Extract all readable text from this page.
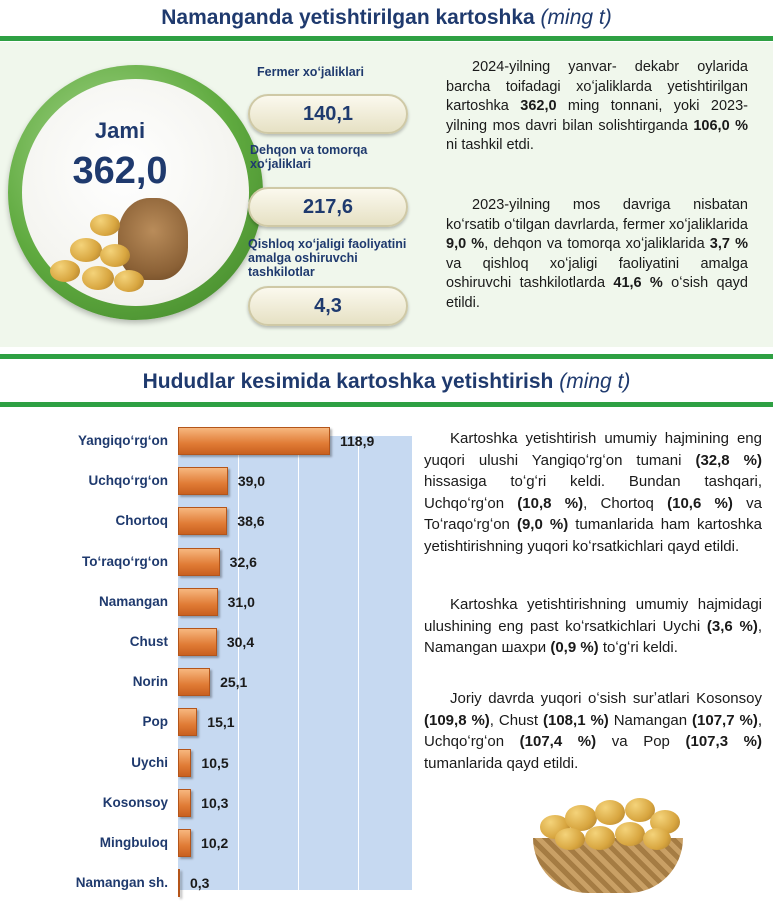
Namanganda yetishtirilgan kartoshka (ming t)
Jami
362,0
Fermer xoʻjaliklari
140,1
Dehqon va tomorqa xoʻjaliklari
217,6
Qishloq xoʻjaligi faoliyatini amalga oshiruvchi tashkilotlar
4,3
2024-yilning yanvar- dekabr oylarida barcha toifadagi xoʻjaliklarda yetishtirilgan kartoshka 362,0 ming tonnani, yoki 2023-yilning mos davri bilan solishtirganda 106,0 % ni tashkil etdi.
2023-yilning mos davriga nisbatan koʻrsatib oʻtilgan davrlarda, fermer xoʻjaliklarida 9,0 %, dehqon va tomorqa xoʻjaliklarida 3,7 % va qishloq xoʻjaligi faoliyatini amalga oshiruvchi tashkilotlarda 41,6 % oʻsish qayd etildi.
Hududlar kesimida kartoshka yetishtirish (ming t)
Yangiqoʻrgʻon	118,9
Uchqoʻrgʻon	39,0
Chortoq	38,6
Toʻraqoʻrgʻon	32,6
Namangan	31,0
Chust	30,4
Norin	25,1
Pop	15,1
Uychi 10,5
Kosonsoy 10,3
Mingbuloq 10,2
Namangan sh. 0,3
Kartoshka yetishtirish umumiy hajmining eng yuqori ulushi Yangiqoʻrgʻon tumani (32,8 %) hissasiga toʻgʻri keldi. Bundan tashqari, Uchqoʻrgʻon (10,8 %), Chortoq (10,6 %) va Toʻraqoʻrgʻon (9,0 %) tumanlarida ham kartoshka yetishtirishning yuqori koʻrsatkichlari qayd etildi.
Kartoshka yetishtirishning umumiy hajmidagi ulushining eng past koʻrsatkichlari Uychi (3,6 %), Namangan шахри (0,9 %) toʻgʻri keldi.
Joriy davrda yuqori oʻsish surʼatlari Kosonsoy (109,8 %), Chust (108,1 %) Namangan (107,7 %), Uchqoʻrgʻon (107,4 %) va Pop (107,3 %) tumanlarida qayd etildi.
